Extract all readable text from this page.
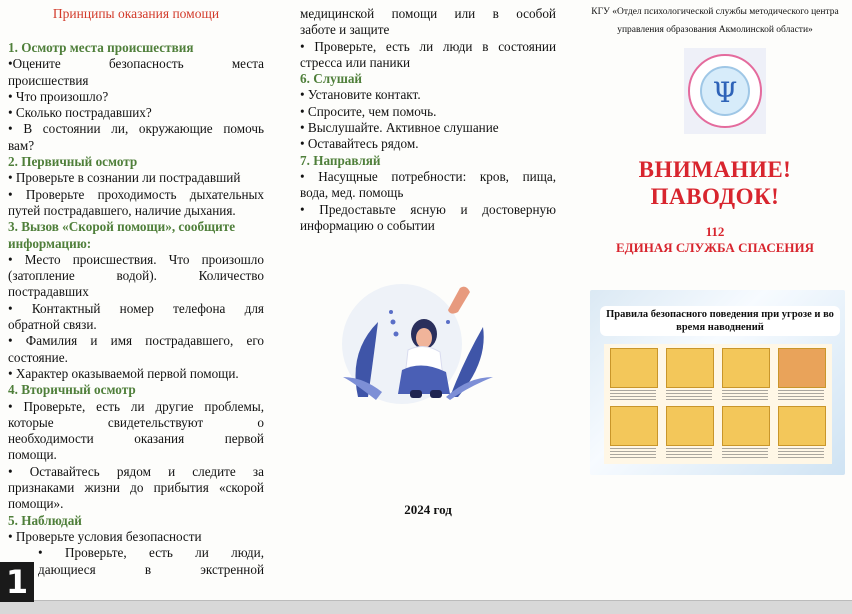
Принципы оказания помощи

1. Осмотр места происшествия

•Оцените безопасность места

происшествия

• Что произошло?

• Сколько пострадавших?

• В состоянии ли, окружающие помочь

вам?

2. Первичный осмотр

• Проверьте в сознании ли пострадавший

• Проверьте проходимость дыхательных

путей пострадавшего, наличие дыхания.

3. Вызов «Скорой помощи», сообщите

информацию:

• Место происшествия. Что произошло

(затопление водой). Количество

пострадавших

• Контактный номер телефона для

обратной связи.

• Фамилия и имя пострадавшего, его

состояние.

• Характер оказываемой первой помощи.

4. Вторичный осмотр

• Проверьте, есть ли другие проблемы,

которые свидетельствуют о

необходимости оказания первой

помощи.

• Оставайтесь рядом и следите за

признаками жизни до прибытия «скорой

помощи».

5. Наблюдай

• Проверьте условия безопасности

• Проверьте, есть ли люди,

дающиеся в экстренной

медицинской помощи или в особой

заботе и защите

• Проверьте, есть ли люди в состоянии

стресса или паники

6. Слушай

• Установите контакт.

• Спросите, чем помочь.

• Выслушайте. Активное слушание

• Оставайтесь рядом.

7. Направляй

• Насущные потребности: кров, пища,

вода, мед. помощь

• Предоставьте ясную и достоверную

информацию о событии

2024 год

КГУ «Отдел психологической службы методического центра

управления образования Акмолинской области»

Ψ

ВНИМАНИЕ!

ПАВОДОК!

112

ЕДИНАЯ СЛУЖБА СПАСЕНИЯ

Правила безопасного поведения при угрозе и во время наводнений
1
